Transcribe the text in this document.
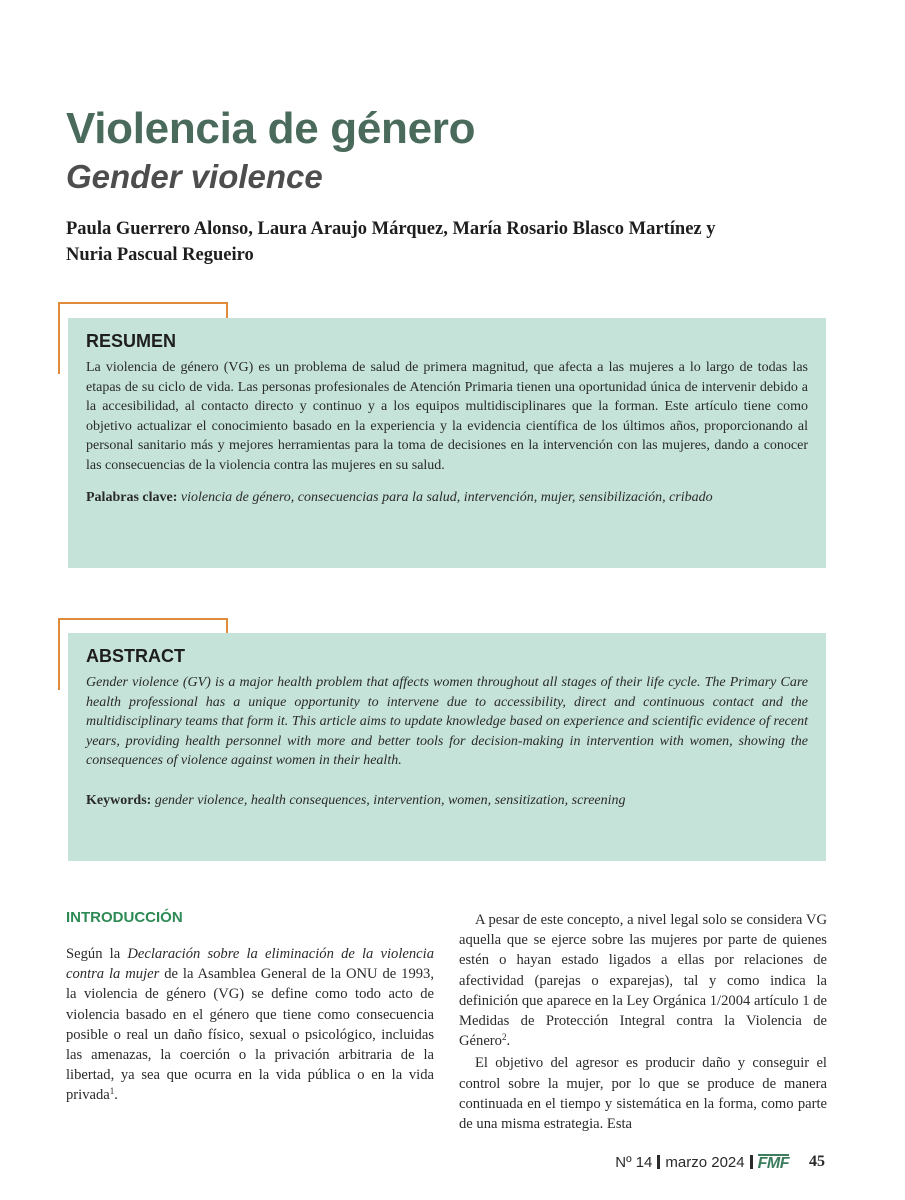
Violencia de género
Gender violence

Paula Guerrero Alonso, Laura Araujo Márquez, María Rosario Blasco Martínez y Nuria Pascual Regueiro

RESUMEN

La violencia de género (VG) es un problema de salud de primera magnitud, que afecta a las mujeres a lo largo de todas las etapas de su ciclo de vida. Las personas profesionales de Atención Primaria tienen una oportunidad única de intervenir debido a la accesibilidad, al contacto directo y continuo y a los equipos multidisciplinares que la forman. Este artículo tiene como objetivo actualizar el conocimiento basado en la experiencia y la evidencia científica de los últimos años, proporcionando al personal sanitario más y mejores herramientas para la toma de decisiones en la intervención con las mujeres, dando a conocer las consecuencias de la violencia contra las mujeres en su salud.

Palabras clave: violencia de género, consecuencias para la salud, intervención, mujer, sensibilización, cribado

ABSTRACT

Gender violence (GV) is a major health problem that affects women throughout all stages of their life cycle. The Primary Care health professional has a unique opportunity to intervene due to accessibility, direct and continuous contact and the multidisciplinary teams that form it. This article aims to update knowledge based on experience and scientific evidence of recent years, providing health personnel with more and better tools for decision-making in intervention with women, showing the consequences of violence against women in their health.

Keywords: gender violence, health consequences, intervention, women, sensitization, screening

INTRODUCCIÓN

Según la Declaración sobre la eliminación de la violencia contra la mujer de la Asamblea General de la ONU de 1993, la violencia de género (VG) se define como todo acto de violencia basado en el género que tiene como consecuencia posible o real un daño físico, sexual o psicológico, incluidas las amenazas, la coerción o la privación arbitraria de la libertad, ya sea que ocurra en la vida pública o en la vida privada$^1$.

A pesar de este concepto, a nivel legal solo se considera VG aquella que se ejerce sobre las mujeres por parte de quienes estén o hayan estado ligados a ellas por relaciones de afectividad (parejas o exparejas), tal y como indica la definición que aparece en la Ley Orgánica 1/2004 artículo 1 de Medidas de Protección Integral contra la Violencia de Género$^2$.

El objetivo del agresor es producir daño y conseguir el control sobre la mujer, por lo que se produce de manera continuada en el tiempo y sistemática en la forma, como parte de una misma estrategia. Esta

Nº 14 marzo 2024 FMF 45
